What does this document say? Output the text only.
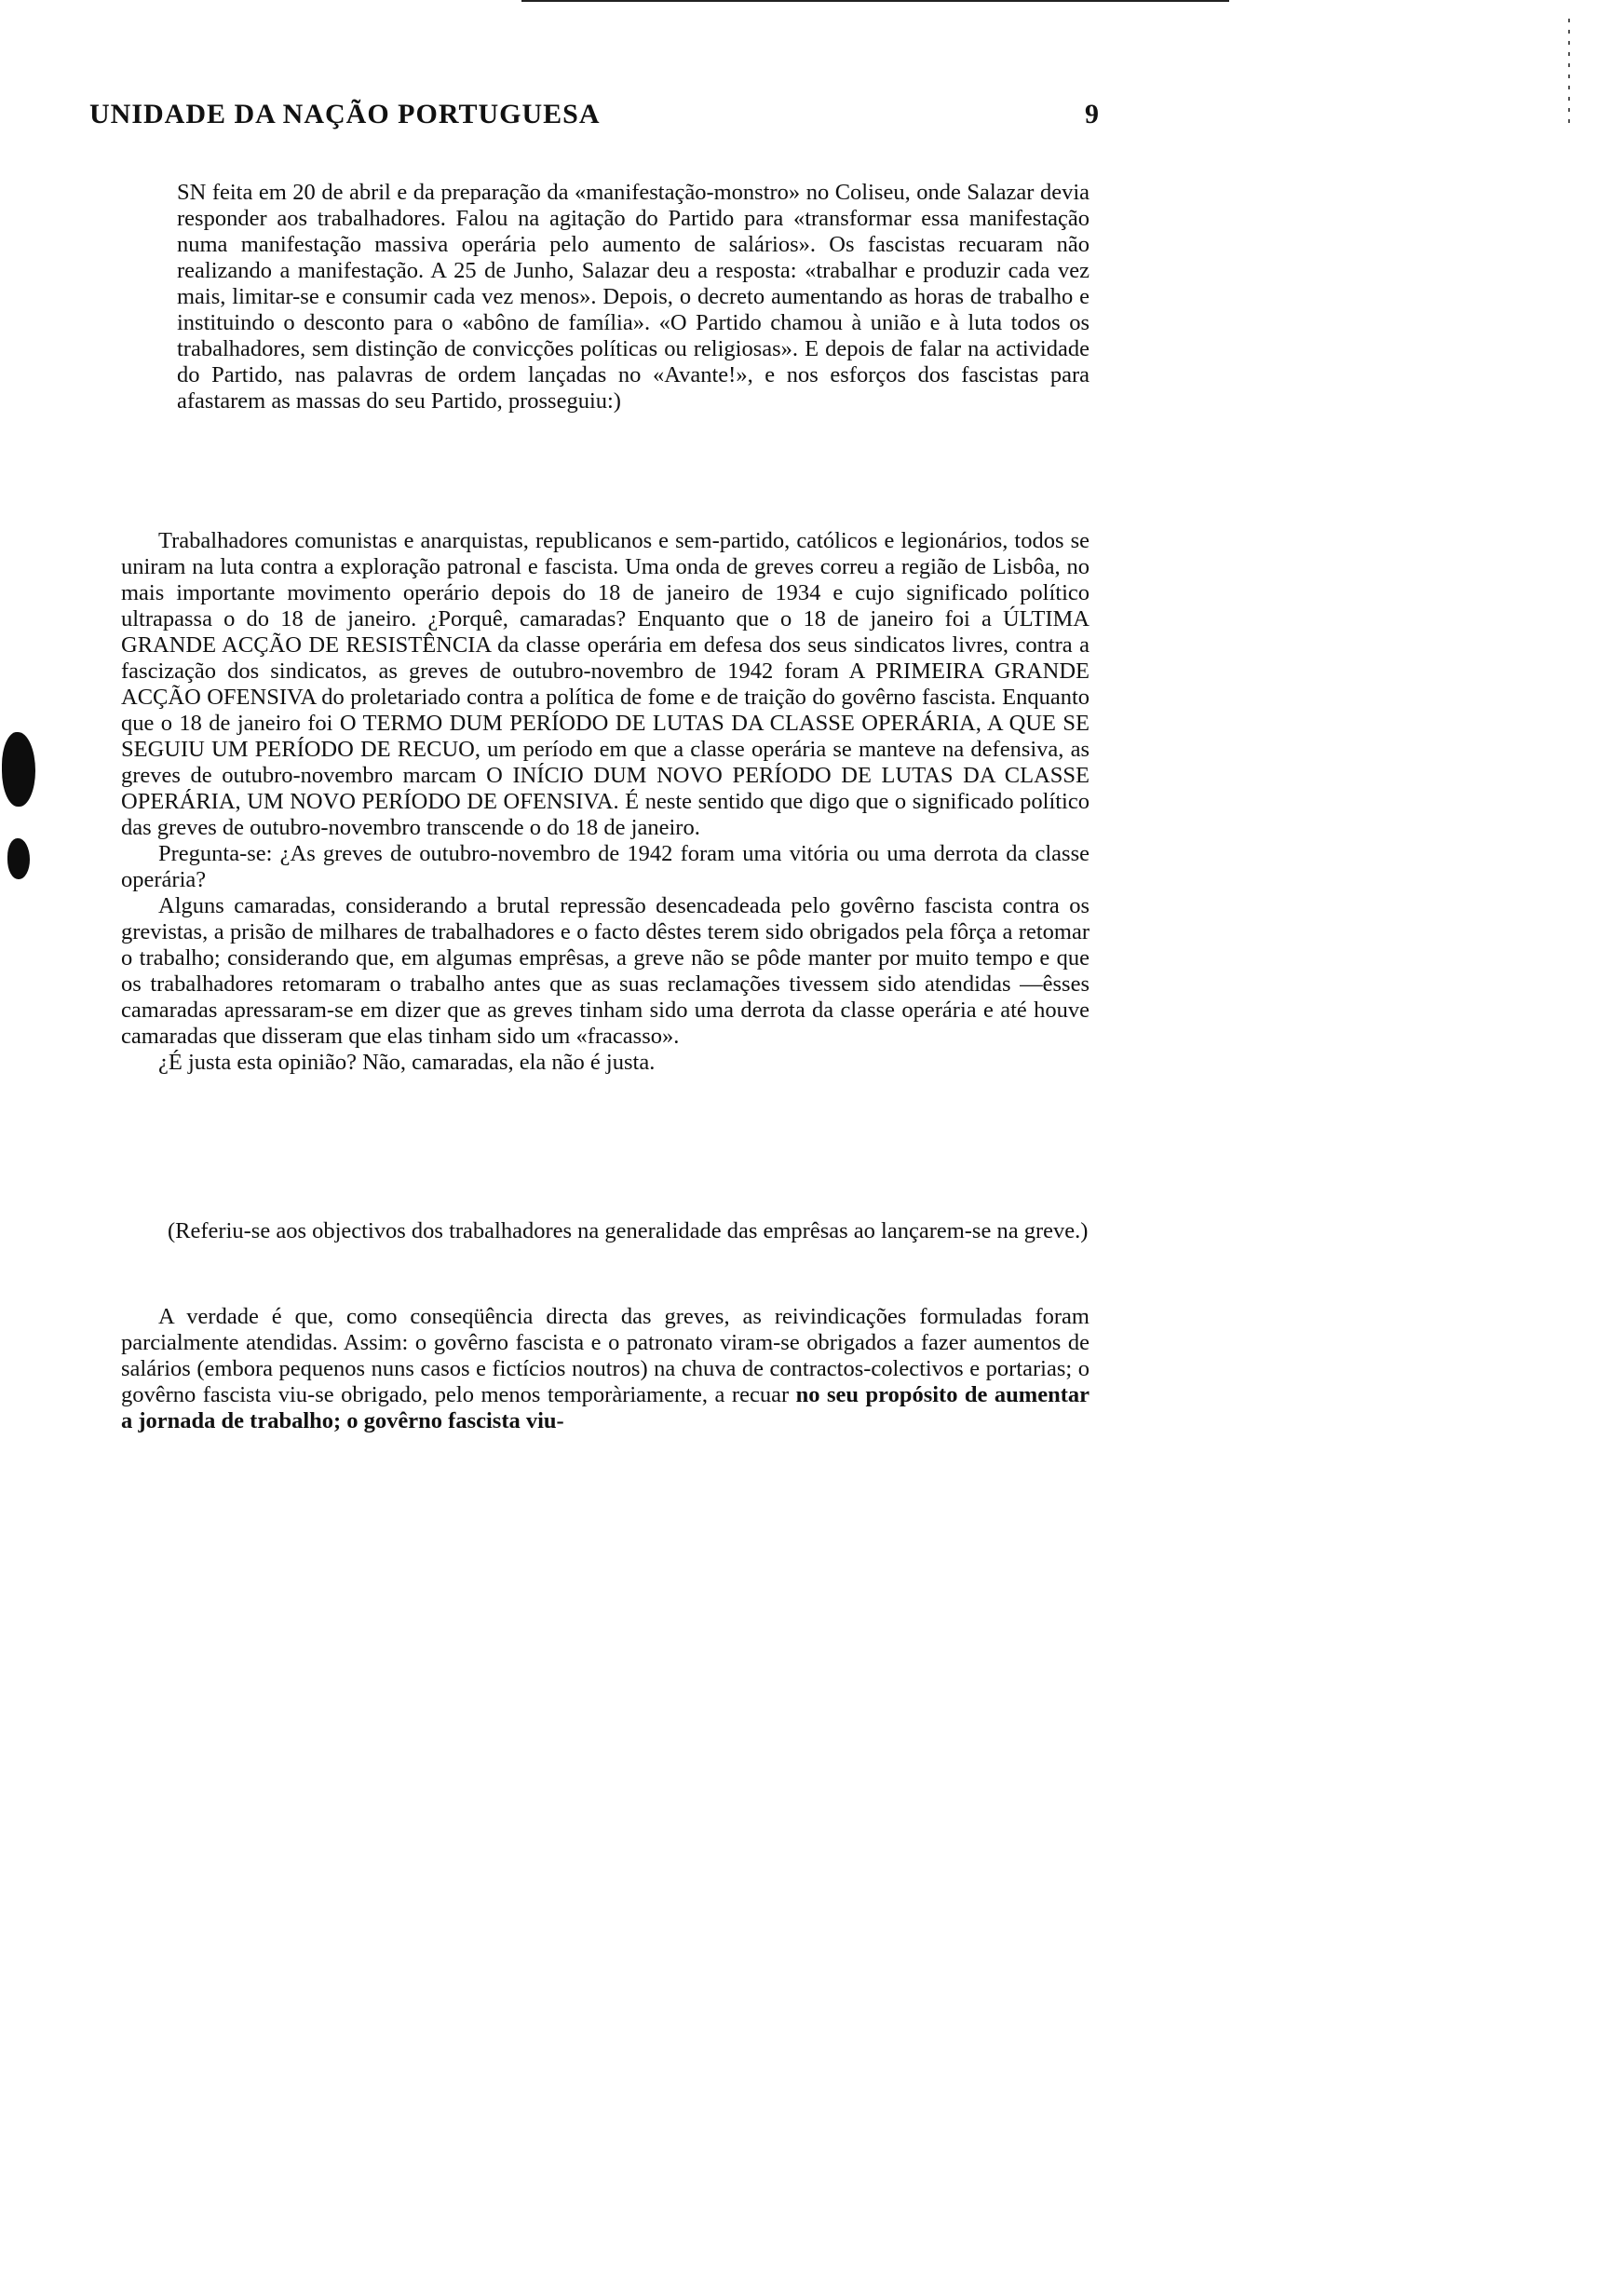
UNIDADE DA NAÇÃO PORTUGUESA	9

SN feita em 20 de abril e da preparação da «manifestação-monstro» no Coliseu, onde Salazar devia responder aos trabalhadores. Falou na agitação do Partido para «transformar essa manifestação numa manifestação massiva operária pelo aumento de salários». Os fascistas recuaram não realizando a manifestação. A 25 de Junho, Salazar deu a resposta: «trabalhar e produzir cada vez mais, limitar-se e consumir cada vez menos». Depois, o decreto aumentando as horas de trabalho e instituindo o desconto para o «abôno de família». «O Partido chamou à união e à luta todos os trabalhadores, sem distinção de convicções políticas ou religiosas». E depois de falar na actividade do Partido, nas palavras de ordem lançadas no «Avante!», e nos esforços dos fascistas para afastarem as massas do seu Partido, prosseguiu:)

Trabalhadores comunistas e anarquistas, republicanos e sem-partido, católicos e legionários, todos se uniram na luta contra a exploração patronal e fascista. Uma onda de greves correu a região de Lisbôa, no mais importante movimento operário depois do 18 de janeiro de 1934 e cujo significado político ultrapassa o do 18 de janeiro. ¿Porquê, camaradas? Enquanto que o 18 de janeiro foi a ÚLTIMA GRANDE ACÇÃO DE RESISTÊNCIA da classe operária em defesa dos seus sindicatos livres, contra a fascização dos sindicatos, as greves de outubro-novembro de 1942 foram A PRIMEIRA GRANDE ACÇÃO OFENSIVA do proletariado contra a política de fome e de traição do govêrno fascista. Enquanto que o 18 de janeiro foi O TERMO DUM PERÍODO DE LUTAS DA CLASSE OPERÁRIA, A QUE SE SEGUIU UM PERÍODO DE RECUO, um período em que a classe operária se manteve na defensiva, as greves de outubro-novembro marcam O INÍCIO DUM NOVO PERÍODO DE LUTAS DA CLASSE OPERÁRIA, UM NOVO PERÍODO DE OFENSIVA. É neste sentido que digo que o significado político das greves de outubro-novembro transcende o do 18 de janeiro.

Pregunta-se: ¿As greves de outubro-novembro de 1942 foram uma vitória ou uma derrota da classe operária?

Alguns camaradas, considerando a brutal repressão desencadeada pelo govêrno fascista contra os grevistas, a prisão de milhares de trabalhadores e o facto dêstes terem sido obrigados pela fôrça a retomar o trabalho; considerando que, em algumas emprêsas, a greve não se pôde manter por muito tempo e que os trabalhadores retomaram o trabalho antes que as suas reclamações tivessem sido atendidas —êsses camaradas apressaram-se em dizer que as greves tinham sido uma derrota da classe operária e até houve camaradas que disseram que elas tinham sido um «fracasso».

¿É justa esta opinião? Não, camaradas, ela não é justa.

(Referiu-se aos objectivos dos trabalhadores na generalidade das emprêsas ao lançarem-se na greve.)

A verdade é que, como conseqüência directa das greves, as reivindicações formuladas foram parcialmente atendidas. Assim: o govêrno fascista e o patronato viram-se obrigados a fazer aumentos de salários (embora pequenos nuns casos e fictícios noutros) na chuva de contractos-colectivos e portarias; o govêrno fascista viu-se obrigado, pelo menos temporàriamente, a recuar no seu propósito de aumentar a jornada de trabalho; o govêrno fascista viu-
